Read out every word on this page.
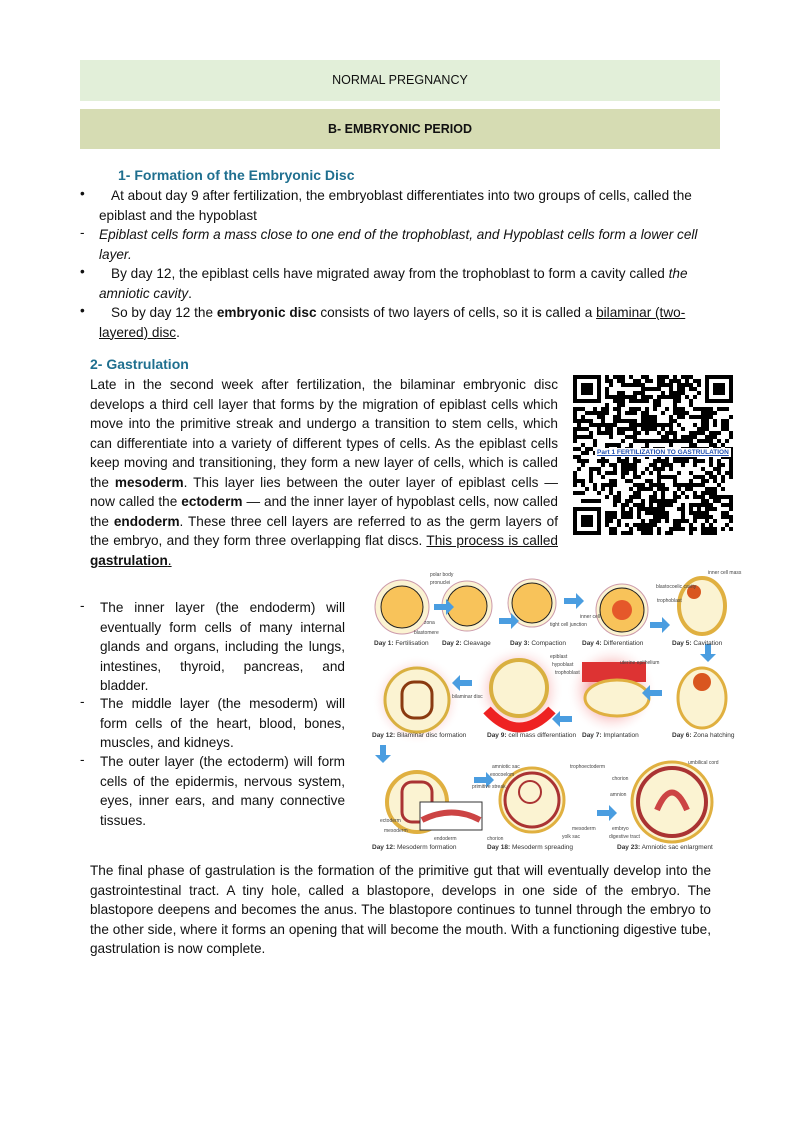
NORMAL PREGNANCY
B- EMBRYONIC PERIOD
1- Formation of the Embryonic Disc
•	At about day 9 after fertilization, the embryoblast differentiates into two groups of cells, called the epiblast and the hypoblast
- Epiblast cells form a mass close to one end of the trophoblast, and Hypoblast cells form a lower cell layer.
•	By day 12, the epiblast cells have migrated away from the trophoblast to form a cavity called the amniotic cavity.
•	So by day 12 the embryonic disc consists of two layers of cells, so it is called a bilaminar (two-layered) disc.
2- Gastrulation
Late in the second week after fertilization, the bilaminar embryonic disc develops a third cell layer that forms by the migration of epiblast cells which move into the primitive streak and undergo a transition to stem cells, which can differentiate into a variety of different types of cells. As the epiblast cells keep moving and transitioning, they form a new layer of cells, which is called the mesoderm. This layer lies between the outer layer of epiblast cells — now called the ectoderm — and the inner layer of hypoblast cells, now called the endoderm. These three cell layers are referred to as the germ layers of the embryo, and they form three overlapping flat discs. This process is called gastrulation.
Part 1 FERTILIZATION TO GASTRULATION
- The inner layer (the endoderm) will eventually form cells of many internal glands and organs, including the lungs, intestines, thyroid, pancreas, and bladder.
- The middle layer (the mesoderm) will form cells of the heart, blood, bones, muscles, and kidneys.
- The outer layer (the ectoderm) will form cells of the epidermis, nervous system, eyes, inner ears, and many connective tissues.
polar body
pronuclei
zona
blastomere
tight cell junction
inner cell
blastocoelic cavity
trophoblast
inner cell mass
epiblast
hypoblast
trophoblast
uterine epithelium
bilaminar disc
primitive streak
ectoderm
mesoderm
endoderm
amniotic sac
exocoelom
trophoectoderm
mesoderm
yolk sac
chorion
chorion
amnion
embryo
digestive tract
umbilical cord
Day 1: Fertilisation Day 2: Cleavage	Day 3: Compaction Day 4: Differentiation	Day 5: Cavitation
Day 12: Bilaminar disc formation	Day 9: cell mass differentiation Day 7: Implantation	Day 6: Zona hatching
Day 12: Mesoderm formation	Day 18: Mesoderm spreading	Day 23: Amniotic sac enlargment
The final phase of gastrulation is the formation of the primitive gut that will eventually develop into the gastrointestinal tract. A tiny hole, called a blastopore, develops in one side of the embryo. The blastopore deepens and becomes the anus. The blastopore continues to tunnel through the embryo to the other side, where it forms an opening that will become the mouth. With a functioning digestive tube, gastrulation is now complete.
